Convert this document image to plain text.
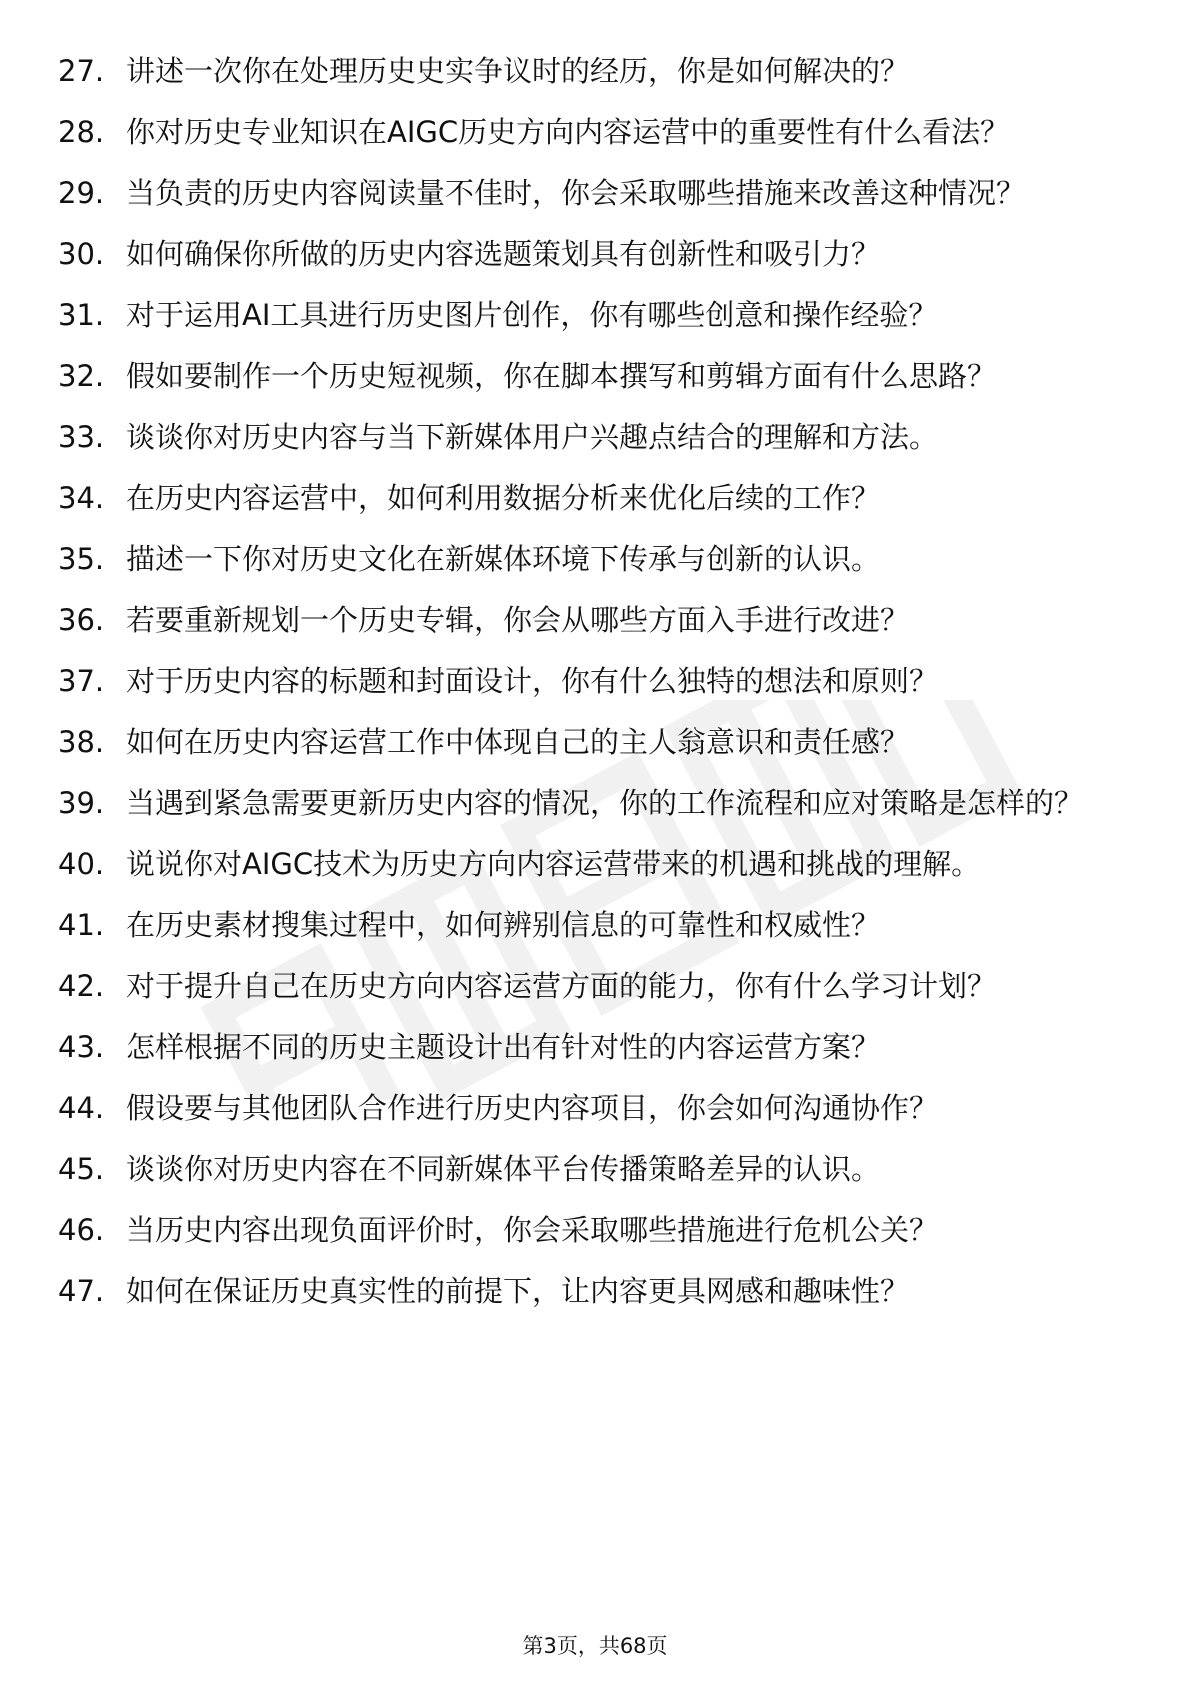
27. 讲述一次你在处理历史史实争议时的经历，你是如何解决的？
28. 你对历史专业知识在AIGC历史方向内容运营中的重要性有什么看法？
29. 当负责的历史内容阅读量不佳时，你会采取哪些措施来改善这种情况？
30. 如何确保你所做的历史内容选题策划具有创新性和吸引力？
31. 对于运用AI工具进行历史图片创作，你有哪些创意和操作经验？
32. 假如要制作一个历史短视频，你在脚本撰写和剪辑方面有什么思路？
33. 谈谈你对历史内容与当下新媒体用户兴趣点结合的理解和方法。
34. 在历史内容运营中，如何利用数据分析来优化后续的工作？
35. 描述一下你对历史文化在新媒体环境下传承与创新的认识。
36. 若要重新规划一个历史专辑，你会从哪些方面入手进行改进？
37. 对于历史内容的标题和封面设计，你有什么独特的想法和原则？
38. 如何在历史内容运营工作中体现自己的主人翁意识和责任感？
39. 当遇到紧急需要更新历史内容的情况，你的工作流程和应对策略是怎样的？
40. 说说你对AIGC技术为历史方向内容运营带来的机遇和挑战的理解。
41. 在历史素材搜集过程中，如何辨别信息的可靠性和权威性？
42. 对于提升自己在历史方向内容运营方面的能力，你有什么学习计划？
43. 怎样根据不同的历史主题设计出有针对性的内容运营方案？
44. 假设要与其他团队合作进行历史内容项目，你会如何沟通协作？
45. 谈谈你对历史内容在不同新媒体平台传播策略差异的认识。
46. 当历史内容出现负面评价时，你会采取哪些措施进行危机公关？
47. 如何在保证历史真实性的前提下，让内容更具网感和趣味性？
第3页，共68页
